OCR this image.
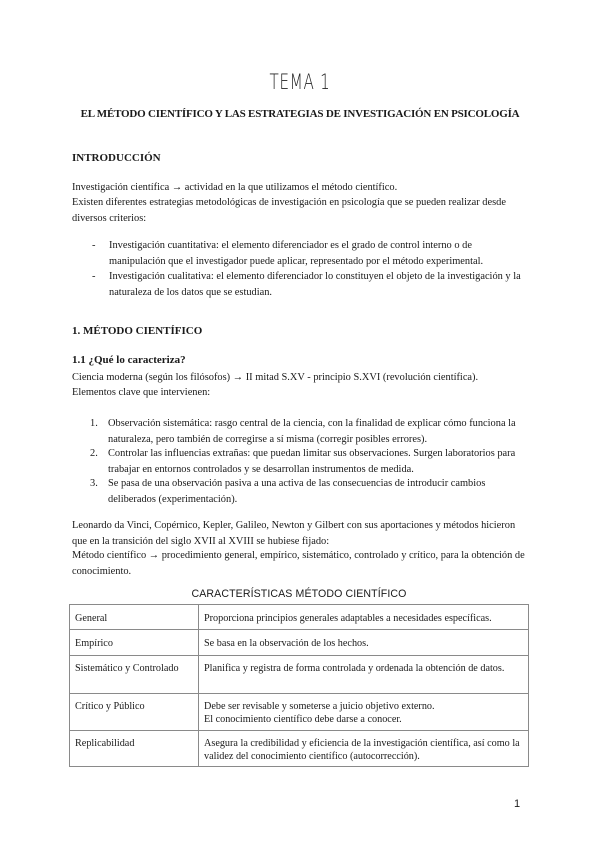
TEMA 1
EL MÉTODO CIENTÍFICO Y LAS ESTRATEGIAS DE INVESTIGACIÓN EN PSICOLOGÍA
INTRODUCCIÓN
Investigación científica → actividad en la que utilizamos el método científico.
Existen diferentes estrategias metodológicas de investigación en psicología que se pueden realizar desde diversos criterios:
- Investigación cuantitativa: el elemento diferenciador es el grado de control interno o de manipulación que el investigador puede aplicar, representado por el método experimental.
- Investigación cualitativa: el elemento diferenciador lo constituyen el objeto de la investigación y la naturaleza de los datos que se estudian.
1. MÉTODO CIENTÍFICO
1.1 ¿Qué lo caracteriza?
Ciencia moderna (según los filósofos) → II mitad S.XV - principio S.XVI (revolución científica).
Elementos clave que intervienen:
1. Observación sistemática: rasgo central de la ciencia, con la finalidad de explicar cómo funciona la naturaleza, pero también de corregirse a sí misma (corregir posibles errores).
2. Controlar las influencias extrañas: que puedan limitar sus observaciones. Surgen laboratorios para trabajar en entornos controlados y se desarrollan instrumentos de medida.
3. Se pasa de una observación pasiva a una activa de las consecuencias de introducir cambios deliberados (experimentación).
Leonardo da Vinci, Copérnico, Kepler, Galileo, Newton y Gilbert con sus aportaciones y métodos hicieron que en la transición del siglo XVII al XVIII se hubiese fijado:
Método científico → procedimiento general, empírico, sistemático, controlado y crítico, para la obtención de conocimiento.
CARACTERÍSTICAS MÉTODO CIENTÍFICO
General	Proporciona principios generales adaptables a necesidades específicas.
Empírico	Se basa en la observación de los hechos.
Sistemático y Controlado	Planifica y registra de forma controlada y ordenada la obtención de datos.
Crítico y Público	Debe ser revisable y someterse a juicio objetivo externo.
El conocimiento científico debe darse a conocer.

Replicabilidad	Asegura la credibilidad y eficiencia de la investigación científica, así como la validez del conocimiento científico (autocorrección).
1
